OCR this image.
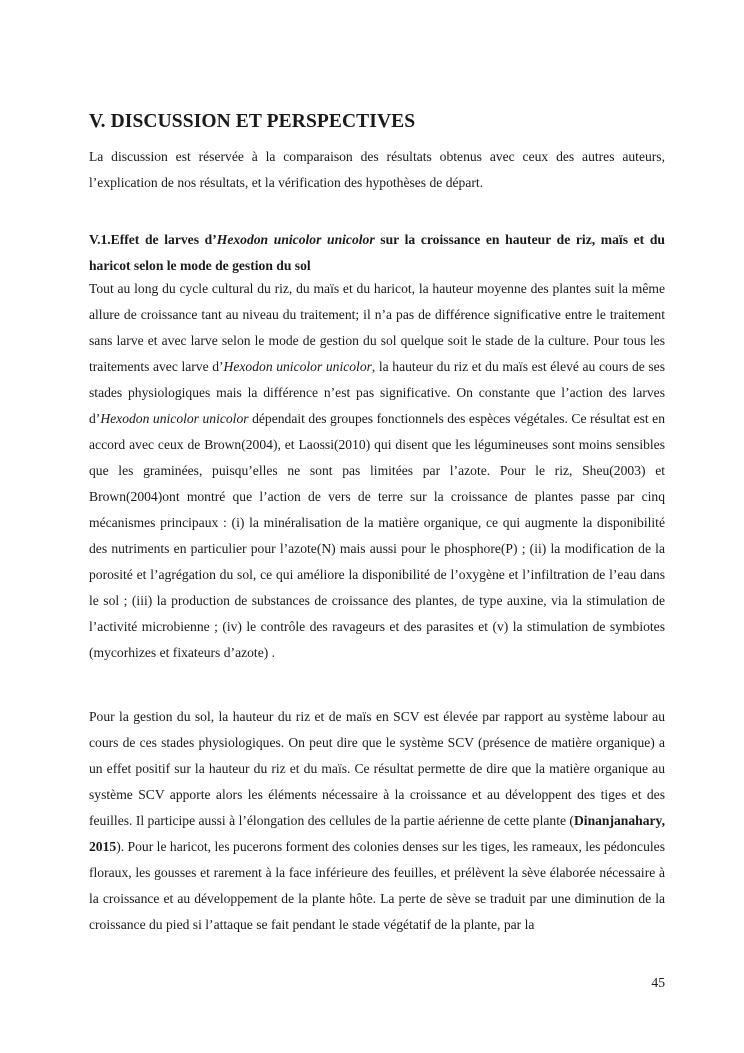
V. DISCUSSION ET PERSPECTIVES

La discussion est réservée à la comparaison des résultats obtenus avec ceux des autres auteurs, l’explication de nos résultats, et la vérification des hypothèses de départ.

V.1.Effet de larves d’Hexodon unicolor unicolor sur la croissance en hauteur de riz, maïs et du haricot selon le mode de gestion du sol

Tout au long du cycle cultural du riz, du maïs et du haricot, la hauteur moyenne des plantes suit la même allure de croissance tant au niveau du traitement; il n’a pas de différence significative entre le traitement sans larve et avec larve selon le mode de gestion du sol quelque soit le stade de la culture. Pour tous les traitements avec larve d’Hexodon unicolor unicolor, la hauteur du riz et du maïs est élevé au cours de ses stades physiologiques mais la différence n’est pas significative. On constante que l’action des larves d’Hexodon unicolor unicolor dépendait des groupes fonctionnels des espèces végétales. Ce résultat est en accord avec ceux de Brown(2004), et Laossi(2010) qui disent que les légumineuses sont moins sensibles que les graminées, puisqu’elles ne sont pas limitées par l’azote. Pour le riz, Sheu(2003) et Brown(2004)ont montré que l’action de vers de terre sur la croissance de plantes passe par cinq mécanismes principaux : (i) la minéralisation de la matière organique, ce qui augmente la disponibilité des nutriments en particulier pour l’azote(N) mais aussi pour le phosphore(P) ; (ii) la modification de la porosité et l’agrégation du sol, ce qui améliore la disponibilité de l’oxygène et l’infiltration de l’eau dans le sol ; (iii) la production de substances de croissance des plantes, de type auxine, via la stimulation de l’activité microbienne ; (iv) le contrôle des ravageurs et des parasites et (v) la stimulation de symbiotes (mycorhizes et fixateurs d’azote) .

Pour la gestion du sol, la hauteur du riz et de maïs en SCV est élevée par rapport au système labour au cours de ces stades physiologiques. On peut dire que le système SCV (présence de matière organique) a un effet positif sur la hauteur du riz et du maïs. Ce résultat permette de dire que la matière organique au système SCV apporte alors les éléments nécessaire à la croissance et au développent des tiges et des feuilles. Il participe aussi à l’élongation des cellules de la partie aérienne de cette plante (Dinanjanahary, 2015). Pour le haricot, les pucerons forment des colonies denses sur les tiges, les rameaux, les pédoncules floraux, les gousses et rarement à la face inférieure des feuilles, et prélèvent la sève élaborée nécessaire à la croissance et au développement de la plante hôte. La perte de sève se traduit par une diminution de la croissance du pied si l’attaque se fait pendant le stade végétatif de la plante, par la

45
